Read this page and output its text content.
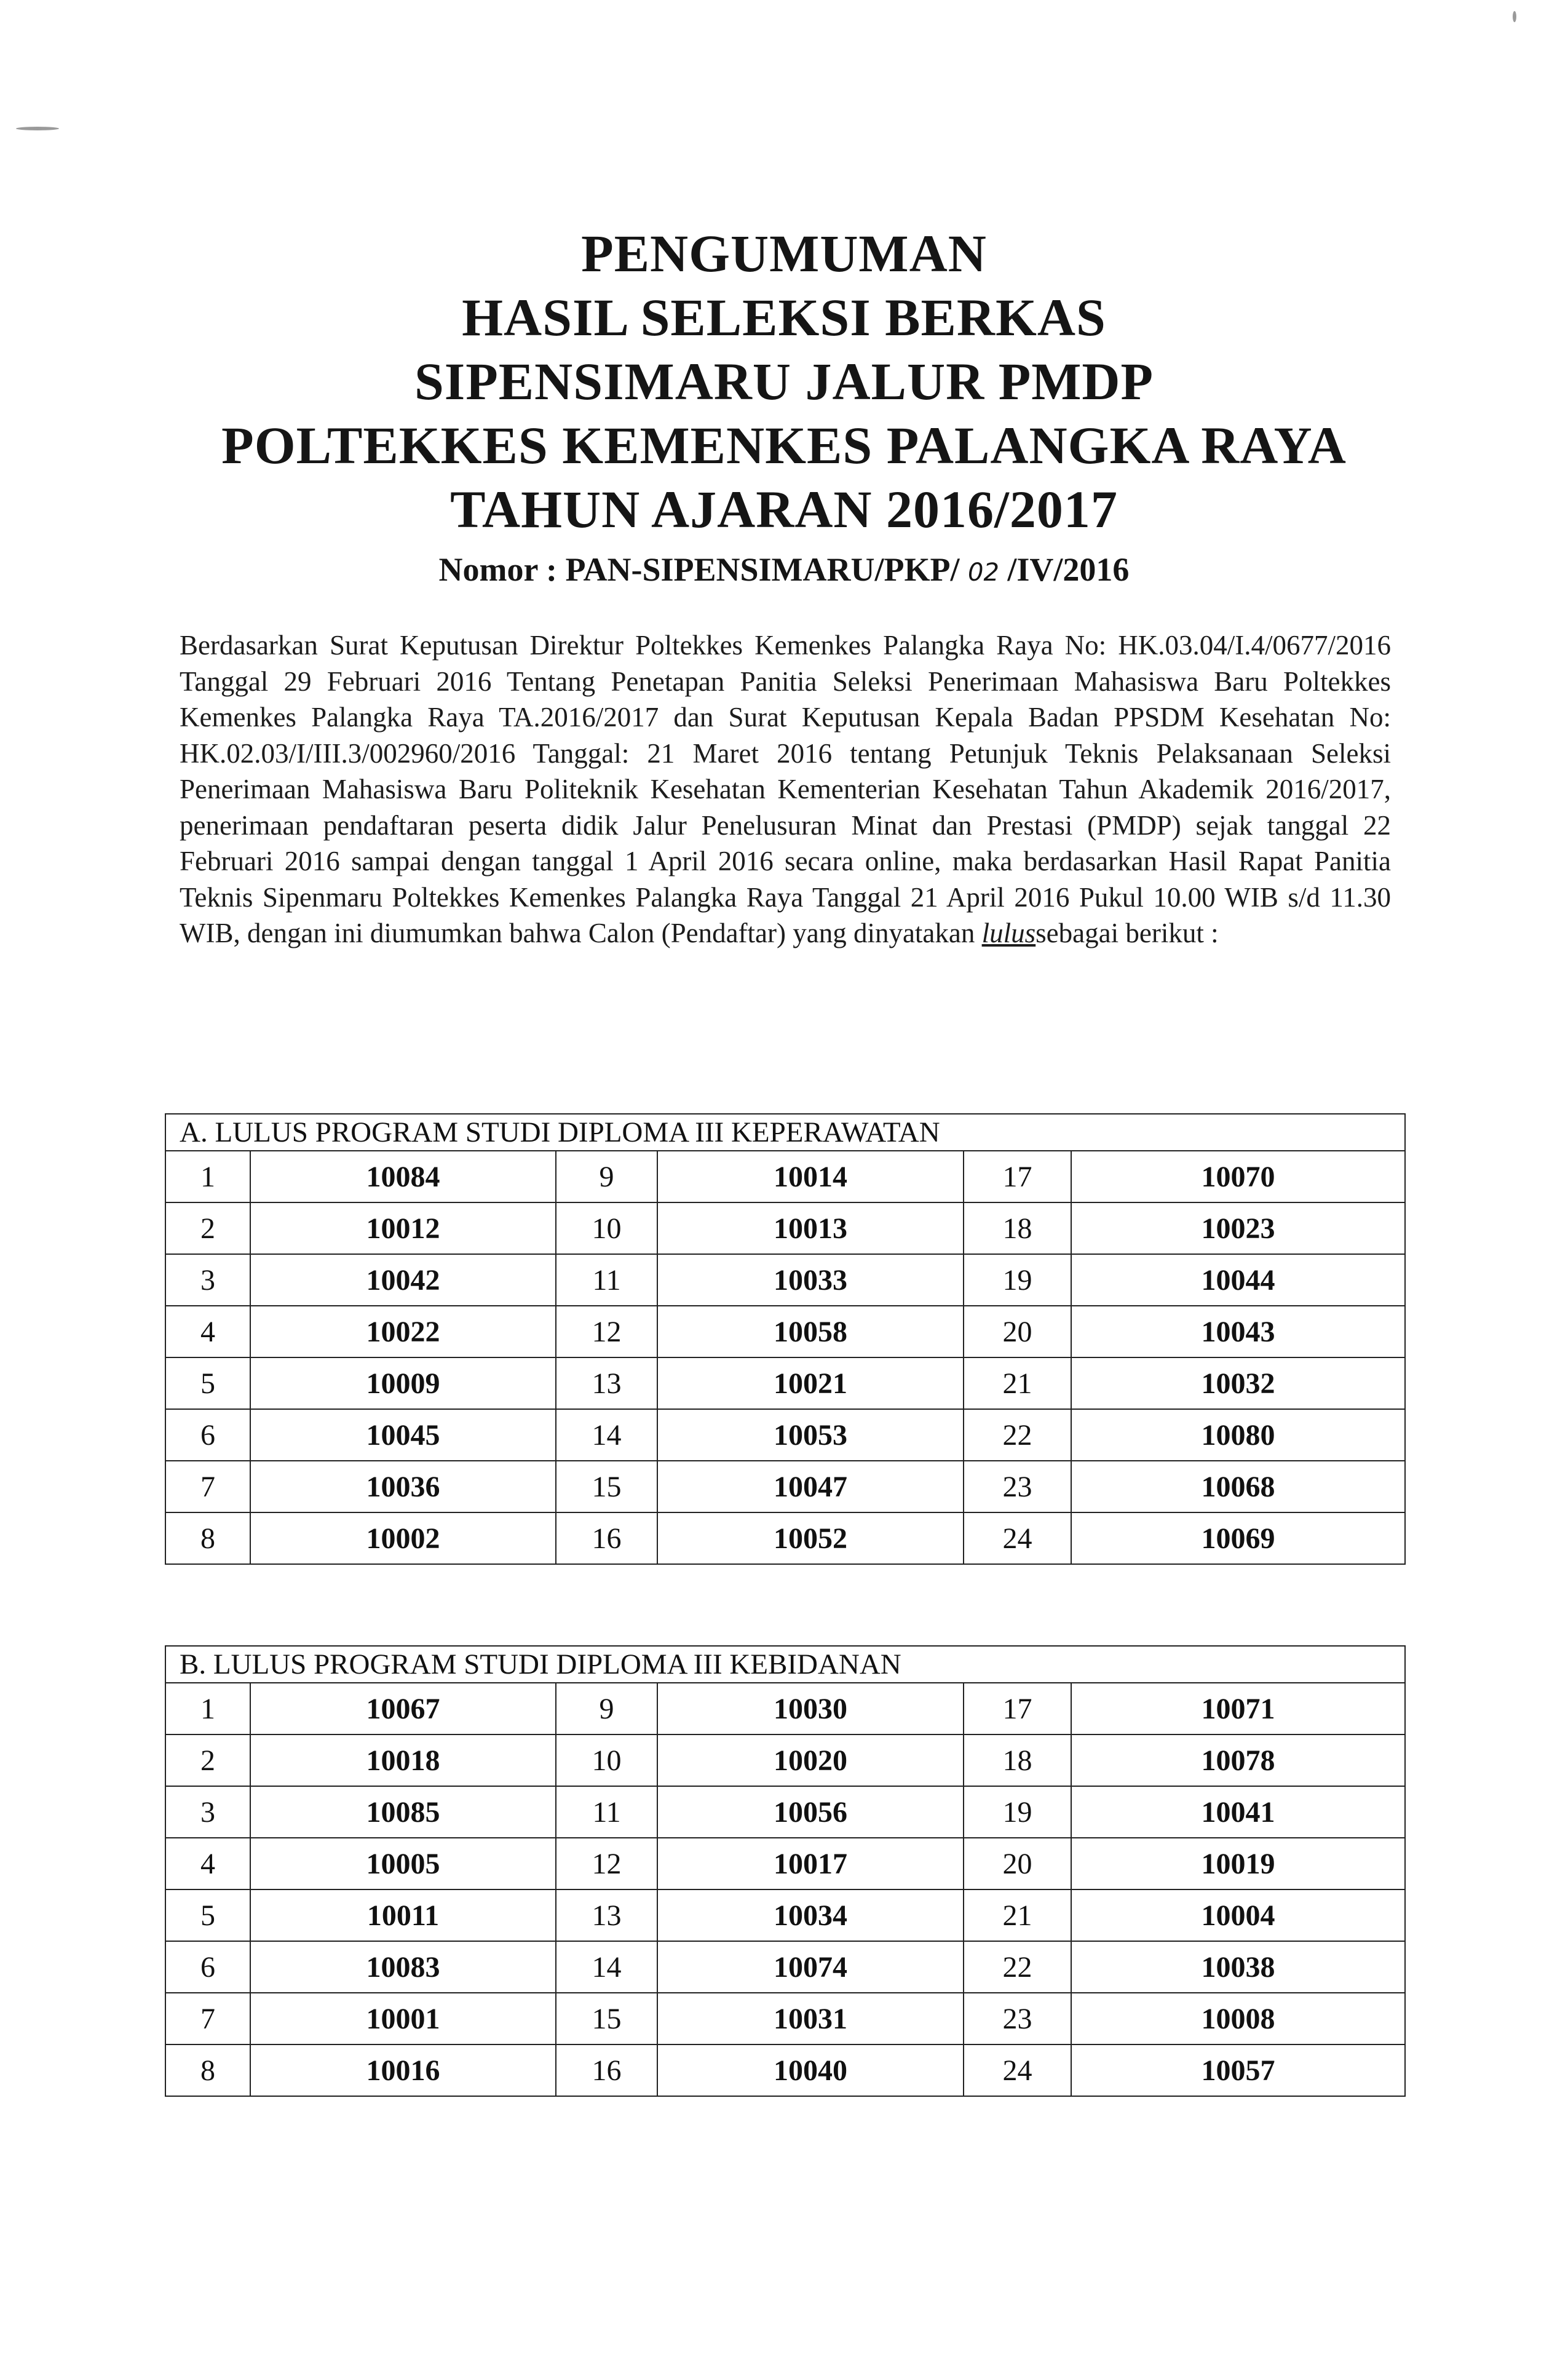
PENGUMUMAN
HASIL SELEKSI BERKAS
SIPENSIMARU JALUR PMDP
POLTEKKES KEMENKES PALANGKA RAYA
TAHUN AJARAN 2016/2017
Nomor : PAN-SIPENSIMARU/PKP/ 02 /IV/2016
Berdasarkan Surat Keputusan Direktur Poltekkes Kemenkes Palangka Raya No: HK.03.04/I.4/0677/2016 Tanggal 29 Februari 2016 Tentang Penetapan Panitia Seleksi Penerimaan Mahasiswa Baru Poltekkes Kemenkes Palangka Raya TA.2016/2017 dan Surat Keputusan Kepala Badan PPSDM Kesehatan No: HK.02.03/I/III.3/002960/2016 Tanggal: 21 Maret 2016 tentang Petunjuk Teknis Pelaksanaan Seleksi Penerimaan Mahasiswa Baru Politeknik Kesehatan Kementerian Kesehatan Tahun Akademik 2016/2017, penerimaan pendaftaran peserta didik Jalur Penelusuran Minat dan Prestasi (PMDP) sejak tanggal 22 Februari 2016 sampai dengan tanggal 1 April 2016 secara online, maka berdasarkan Hasil Rapat Panitia Teknis Sipenmaru Poltekkes Kemenkes Palangka Raya Tanggal 21 April 2016 Pukul 10.00 WIB s/d 11.30 WIB, dengan ini diumumkan bahwa Calon (Pendaftar) yang dinyatakan lulussebagai berikut :
A. LULUS PROGRAM STUDI DIPLOMA III KEPERAWATAN					
1	10084	9	10014	17	10070
2	10012	10	10013	18	10023
3	10042	11	10033	19	10044
4	10022	12	10058	20	10043
5	10009	13	10021	21	10032
6	10045	14	10053	22	10080
7	10036	15	10047	23	10068
8	10002	16	10052	24	10069
B. LULUS PROGRAM STUDI DIPLOMA III KEBIDANAN					
1	10067	9	10030	17	10071
2	10018	10	10020	18	10078
3	10085	11	10056	19	10041
4	10005	12	10017	20	10019
5	10011	13	10034	21	10004
6	10083	14	10074	22	10038
7	10001	15	10031	23	10008
8	10016	16	10040	24	10057
